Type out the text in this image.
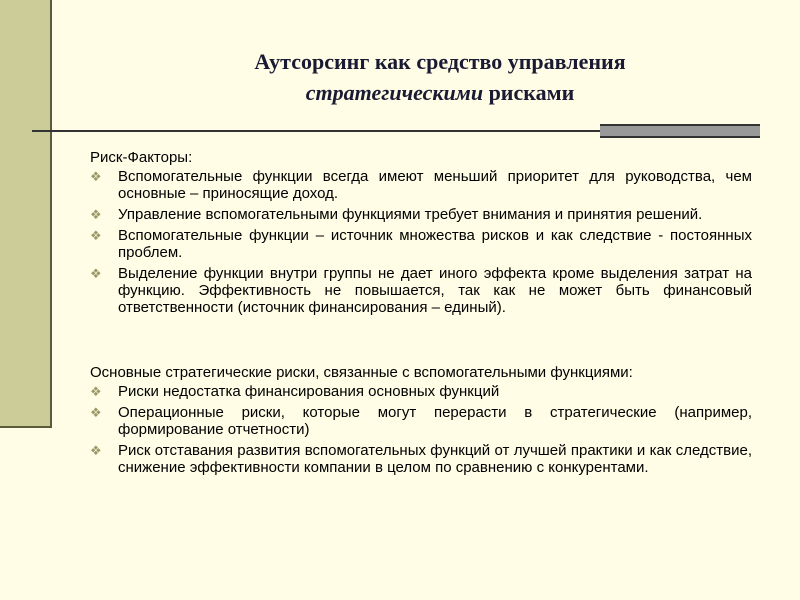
Аутсорсинг как средство управления
стратегическими рисками
Риск-Факторы:
❖ Вспомогательные функции всегда имеют меньший приоритет для руководства, чем основные – приносящие доход.
❖ Управление вспомогательными функциями требует внимания и принятия решений.
❖ Вспомогательные функции – источник множества рисков и как следствие - постоянных проблем.
❖ Выделение функции внутри группы не дает иного эффекта кроме выделения затрат на функцию. Эффективность не повышается, так как не может быть финансовый ответственности (источник финансирования – единый).
Основные стратегические риски, связанные с вспомогательными функциями:
❖ Риски недостатка финансирования основных функций
❖ Операционные риски, которые могут перерасти в стратегические (например, формирование отчетности)
❖ Риск отставания развития вспомогательных функций от лучшей практики и как следствие, снижение эффективности компании в целом по сравнению с конкурентами.
